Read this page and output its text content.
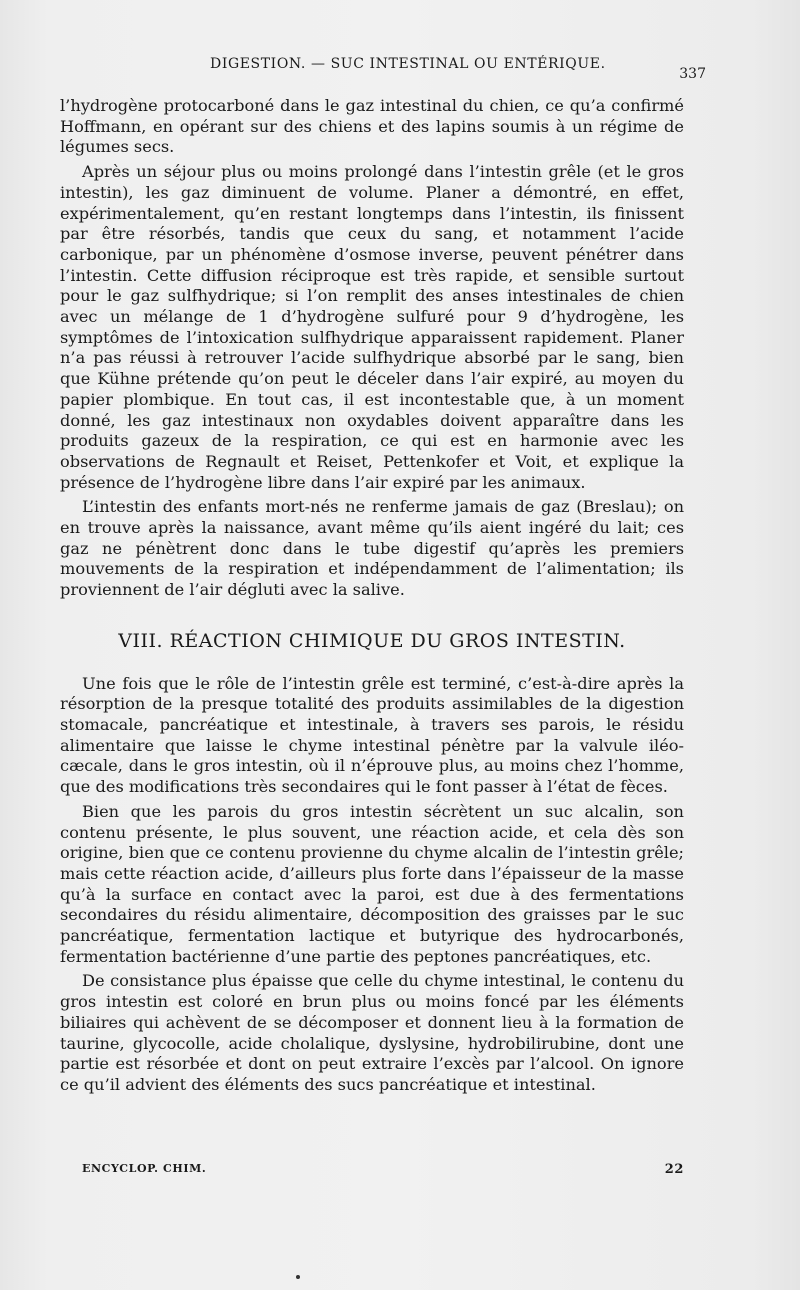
DIGESTION. — SUC INTESTINAL OU ENTÉRIQUE.
337

l’hydrogène protocarboné dans le gaz intestinal du chien, ce qu’a confirmé Hoffmann, en opérant sur des chiens et des lapins soumis à un régime de légumes secs.

Après un séjour plus ou moins prolongé dans l’intestin grêle (et le gros intestin), les gaz diminuent de volume. Planer a démontré, en effet, expérimentalement, qu’en restant longtemps dans l’intestin, ils finissent par être résorbés, tandis que ceux du sang, et notamment l’acide carbonique, par un phénomène d’osmose inverse, peuvent pénétrer dans l’intestin. Cette diffusion réciproque est très rapide, et sensible surtout pour le gaz sulfhydrique; si l’on remplit des anses intestinales de chien avec un mélange de 1 d’hydrogène sulfuré pour 9 d’hydrogène, les symptômes de l’intoxication sulfhydrique apparaissent rapidement. Planer n’a pas réussi à retrouver l’acide sulfhydrique absorbé par le sang, bien que Kühne prétende qu’on peut le déceler dans l’air expiré, au moyen du papier plombique. En tout cas, il est incontestable que, à un moment donné, les gaz intestinaux non oxydables doivent apparaître dans les produits gazeux de la respiration, ce qui est en harmonie avec les observations de Regnault et Reiset, Pettenkofer et Voit, et explique la présence de l’hydrogène libre dans l’air expiré par les animaux.

L’intestin des enfants mort-nés ne renferme jamais de gaz (Breslau); on en trouve après la naissance, avant même qu’ils aient ingéré du lait; ces gaz ne pénètrent donc dans le tube digestif qu’après les premiers mouvements de la respiration et indépendamment de l’alimentation; ils proviennent de l’air dégluti avec la salive.

VIII. RÉACTION CHIMIQUE DU GROS INTESTIN.

Une fois que le rôle de l’intestin grêle est terminé, c’est-à-dire après la résorption de la presque totalité des produits assimilables de la digestion stomacale, pancréatique et intestinale, à travers ses parois, le résidu alimentaire que laisse le chyme intestinal pénètre par la valvule iléo-cæcale, dans le gros intestin, où il n’éprouve plus, au moins chez l’homme, que des modifications très secondaires qui le font passer à l’état de fèces.

Bien que les parois du gros intestin sécrètent un suc alcalin, son contenu présente, le plus souvent, une réaction acide, et cela dès son origine, bien que ce contenu provienne du chyme alcalin de l’intestin grêle; mais cette réaction acide, d’ailleurs plus forte dans l’épaisseur de la masse qu’à la surface en contact avec la paroi, est due à des fermentations secondaires du résidu alimentaire, décomposition des graisses par le suc pancréatique, fermentation lactique et butyrique des hydrocarbonés, fermentation bactérienne d’une partie des peptones pancréatiques, etc.

De consistance plus épaisse que celle du chyme intestinal, le contenu du gros intestin est coloré en brun plus ou moins foncé par les éléments biliaires qui achèvent de se décomposer et donnent lieu à la formation de taurine, glycocolle, acide cholalique, dyslysine, hydrobilirubine, dont une partie est résorbée et dont on peut extraire l’excès par l’alcool. On ignore ce qu’il advient des éléments des sucs pancréatique et intestinal.

ENCYCLOP. CHIM.	22
